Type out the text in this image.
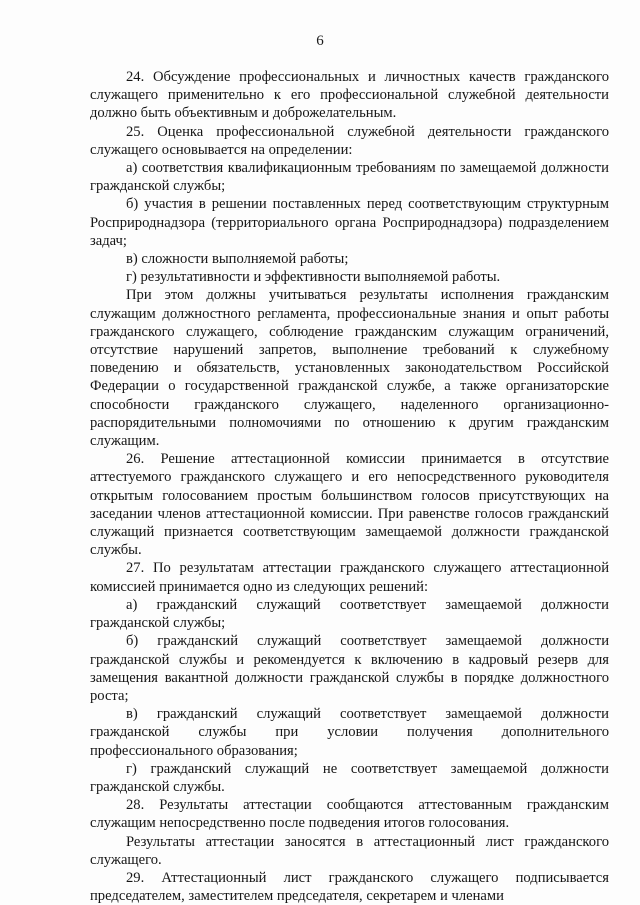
6

24. Обсуждение профессиональных и личностных качеств гражданского служащего применительно к его профессиональной служебной деятельности должно быть объективным и доброжелательным.

25. Оценка профессиональной служебной деятельности гражданского служащего основывается на определении:

а) соответствия квалификационным требованиям по замещаемой должности гражданской службы;

б) участия в решении поставленных перед соответствующим структурным Росприроднадзора (территориального органа Росприроднадзора) подразделением задач;

в) сложности выполняемой работы;

г) результативности и эффективности выполняемой работы.

При этом должны учитываться результаты исполнения гражданским служащим должностного регламента, профессиональные знания и опыт работы гражданского служащего, соблюдение гражданским служащим ограничений, отсутствие нарушений запретов, выполнение требований к служебному поведению и обязательств, установленных законодательством Российской Федерации о государственной гражданской службе, а также организаторские способности гражданского служащего, наделенного организационно-распорядительными полномочиями по отношению к другим гражданским служащим.

26. Решение аттестационной комиссии принимается в отсутствие аттестуемого гражданского служащего и его непосредственного руководителя открытым голосованием простым большинством голосов присутствующих на заседании членов аттестационной комиссии. При равенстве голосов гражданский служащий признается соответствующим замещаемой должности гражданской службы.

27. По результатам аттестации гражданского служащего аттестационной комиссией принимается одно из следующих решений:

а) гражданский служащий соответствует замещаемой должности гражданской службы;

б) гражданский служащий соответствует замещаемой должности гражданской службы и рекомендуется к включению в кадровый резерв для замещения вакантной должности гражданской службы в порядке должностного роста;

в) гражданский служащий соответствует замещаемой должности гражданской службы при условии получения дополнительного профессионального образования;

г) гражданский служащий не соответствует замещаемой должности гражданской службы.

28. Результаты аттестации сообщаются аттестованным гражданским служащим непосредственно после подведения итогов голосования.

Результаты аттестации заносятся в аттестационный лист гражданского служащего.

29. Аттестационный лист гражданского служащего подписывается председателем, заместителем председателя, секретарем и членами
